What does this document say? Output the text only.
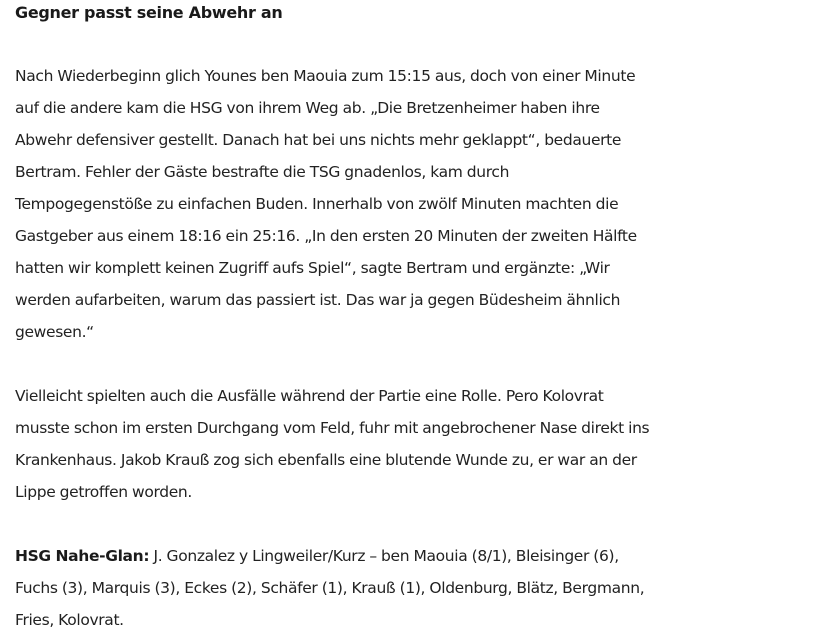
Gegner passt seine Abwehr an

Nach Wiederbeginn glich Younes ben Maouia zum 15:15 aus, doch von einer Minute
auf die andere kam die HSG von ihrem Weg ab. „Die Bretzenheimer haben ihre
Abwehr defensiver gestellt. Danach hat bei uns nichts mehr geklappt“, bedauerte
Bertram. Fehler der Gäste bestrafte die TSG gnadenlos, kam durch
Tempogegenstöße zu einfachen Buden. Innerhalb von zwölf Minuten machten die
Gastgeber aus einem 18:16 ein 25:16. „In den ersten 20 Minuten der zweiten Hälfte
hatten wir komplett keinen Zugriff aufs Spiel“, sagte Bertram und ergänzte: „Wir
werden aufarbeiten, warum das passiert ist. Das war ja gegen Büdesheim ähnlich
gewesen.“

Vielleicht spielten auch die Ausfälle während der Partie eine Rolle. Pero Kolovrat
musste schon im ersten Durchgang vom Feld, fuhr mit angebrochener Nase direkt ins
Krankenhaus. Jakob Krauß zog sich ebenfalls eine blutende Wunde zu, er war an der
Lippe getroffen worden.

HSG Nahe-Glan: J. Gonzalez y Lingweiler/Kurz – ben Maouia (8/1), Bleisinger (6),
Fuchs (3), Marquis (3), Eckes (2), Schäfer (1), Krauß (1), Oldenburg, Blätz, Bergmann,
Fries, Kolovrat.
